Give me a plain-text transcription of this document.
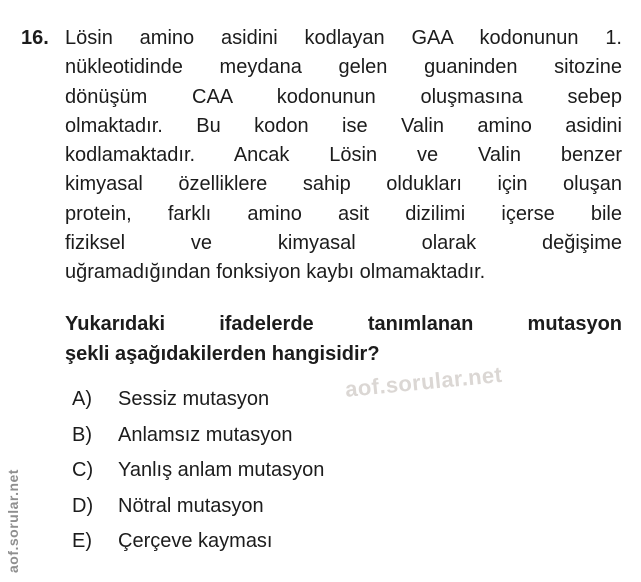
16. Lösin amino asidini kodlayan GAA kodonunun 1.
nükleotidinde meydana gelen guaninden sitozine
dönüşüm CAA kodonunun oluşmasına sebep
olmaktadır. Bu kodon ise Valin amino asidini
kodlamaktadır. Ancak Lösin ve Valin benzer
kimyasal özelliklere sahip oldukları için oluşan
protein, farklı amino asit dizilimi içerse bile
fiziksel ve kimyasal olarak değişime
uğramadığından fonksiyon kaybı olmamaktadır.
Yukarıdaki ifadelerde tanımlanan mutasyon
şekli aşağıdakilerden hangisidir?
A)	Sessiz mutasyon
B)	Anlamsız mutasyon
C)	Yanlış anlam mutasyon
D)	Nötral mutasyon
E)	Çerçeve kayması
aof.sorular.net
aof.sorular.net
